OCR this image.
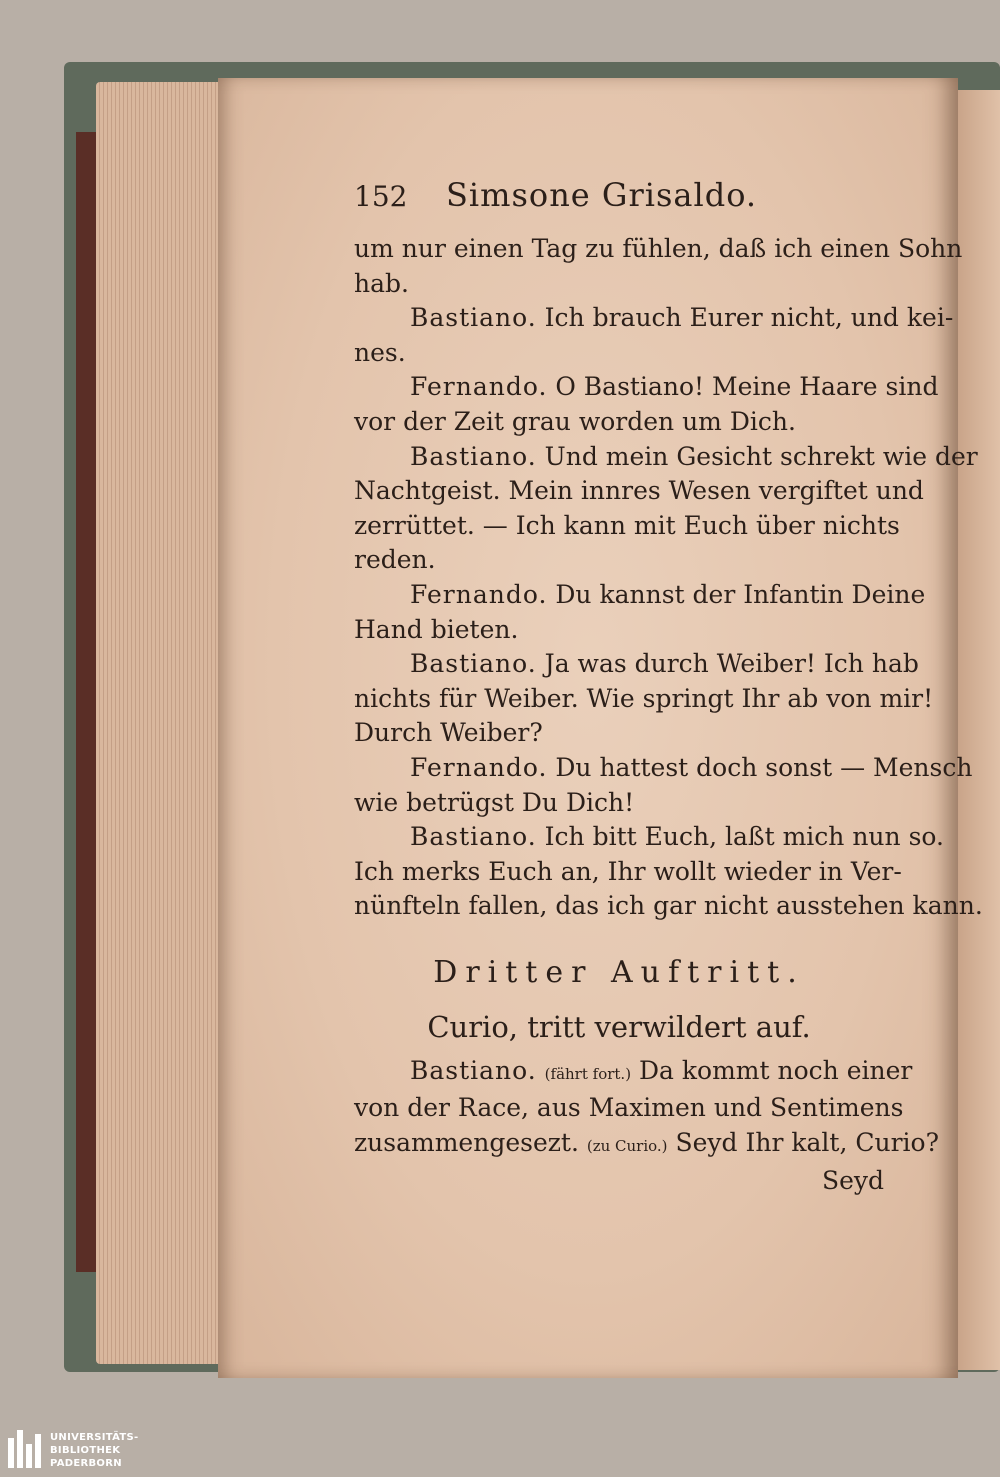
152	Simsone Grisaldo.
um nur einen Tag zu fühlen, daß ich einen Sohn
hab.
Bastiano. Ich brauch Eurer nicht, und kei-
nes.
Fernando. O Bastiano! Meine Haare sind
vor der Zeit grau worden um Dich.
Bastiano. Und mein Gesicht schrekt wie der
Nachtgeist. Mein innres Wesen vergiftet und
zerrüttet. — Ich kann mit Euch über nichts
reden.
Fernando. Du kannst der Infantin Deine
Hand bieten.
Bastiano. Ja was durch Weiber! Ich hab
nichts für Weiber. Wie springt Ihr ab von mir!
Durch Weiber?
Fernando. Du hattest doch sonst — Mensch
wie betrügst Du Dich!
Bastiano. Ich bitt Euch, laßt mich nun so.
Ich merks Euch an, Ihr wollt wieder in Ver-
nünfteln fallen, das ich gar nicht ausstehen kann.
Dritter Auftritt.
Curio, tritt verwildert auf.
Bastiano. (fährt fort.) Da kommt noch einer
von der Race, aus Maximen und Sentimens
zusammengesezt. (zu Curio.) Seyd Ihr kalt, Curio?
Seyd
UNIVERSITÄTS-
BIBLIOTHEK
PADERBORN
